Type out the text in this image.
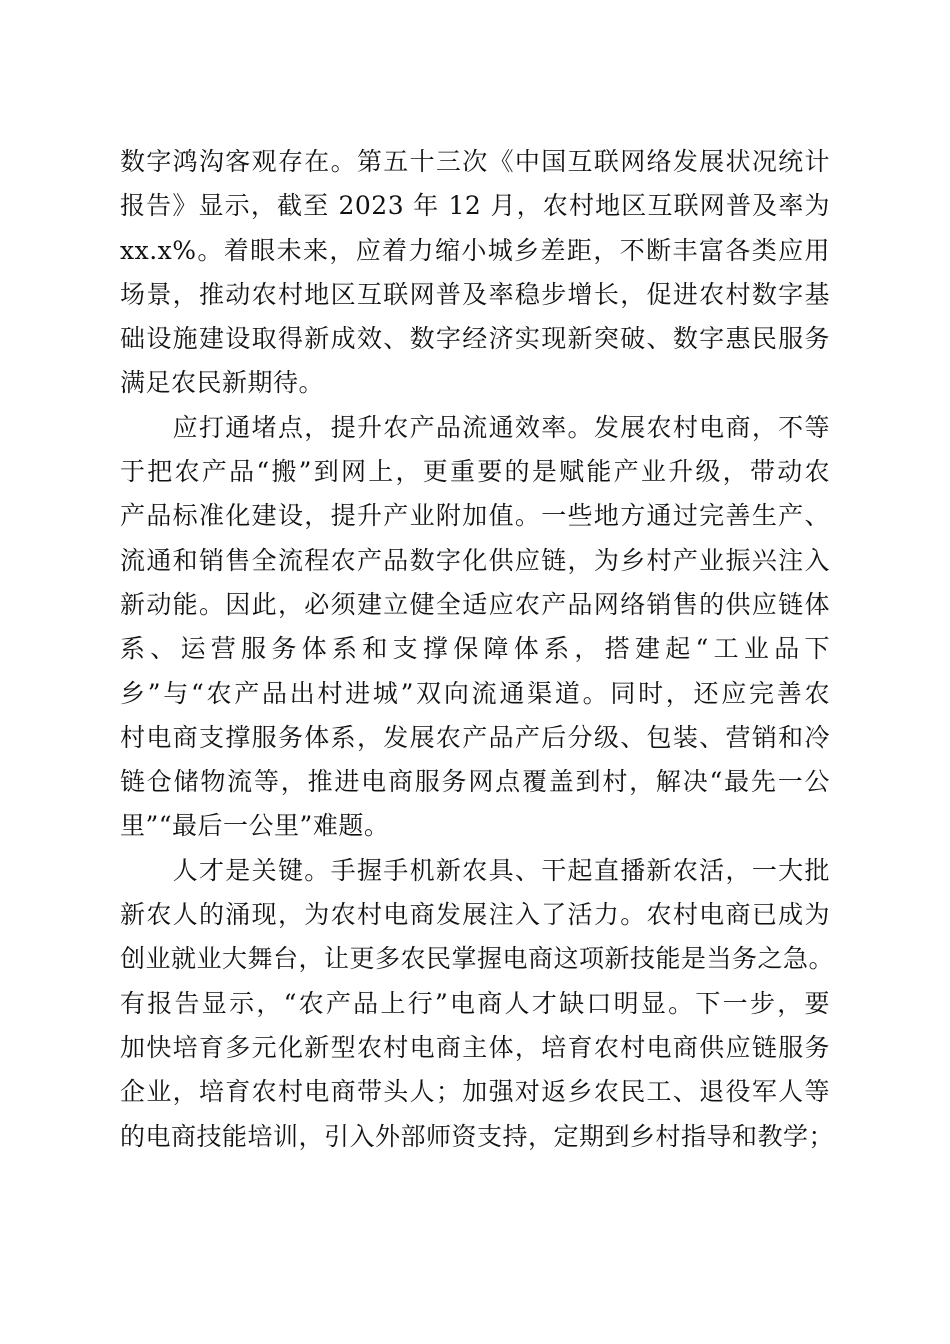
数字鸿沟客观存在。第五十三次《中国互联网络发展状况统计
报告》显示，截至 2023 年 12 月，农村地区互联网普及率为
xx.x%。着眼未来，应着力缩小城乡差距，不断丰富各类应用
场景，推动农村地区互联网普及率稳步增长，促进农村数字基
础设施建设取得新成效、数字经济实现新突破、数字惠民服务
满足农民新期待。
　　应打通堵点，提升农产品流通效率。发展农村电商，不等
于把农产品“搬”到网上，更重要的是赋能产业升级，带动农
产品标准化建设，提升产业附加值。一些地方通过完善生产、
流通和销售全流程农产品数字化供应链，为乡村产业振兴注入
新动能。因此，必须建立健全适应农产品网络销售的供应链体
系、运营服务体系和支撑保障体系，搭建起“工业品下
乡”与“农产品出村进城”双向流通渠道。同时，还应完善农
村电商支撑服务体系，发展农产品产后分级、包装、营销和冷
链仓储物流等，推进电商服务网点覆盖到村，解决“最先一公
里”“最后一公里”难题。
　　人才是关键。手握手机新农具、干起直播新农活，一大批
新农人的涌现，为农村电商发展注入了活力。农村电商已成为
创业就业大舞台，让更多农民掌握电商这项新技能是当务之急。
有报告显示，“农产品上行”电商人才缺口明显。下一步，要
加快培育多元化新型农村电商主体，培育农村电商供应链服务
企业，培育农村电商带头人；加强对返乡农民工、退役军人等
的电商技能培训，引入外部师资支持，定期到乡村指导和教学；
